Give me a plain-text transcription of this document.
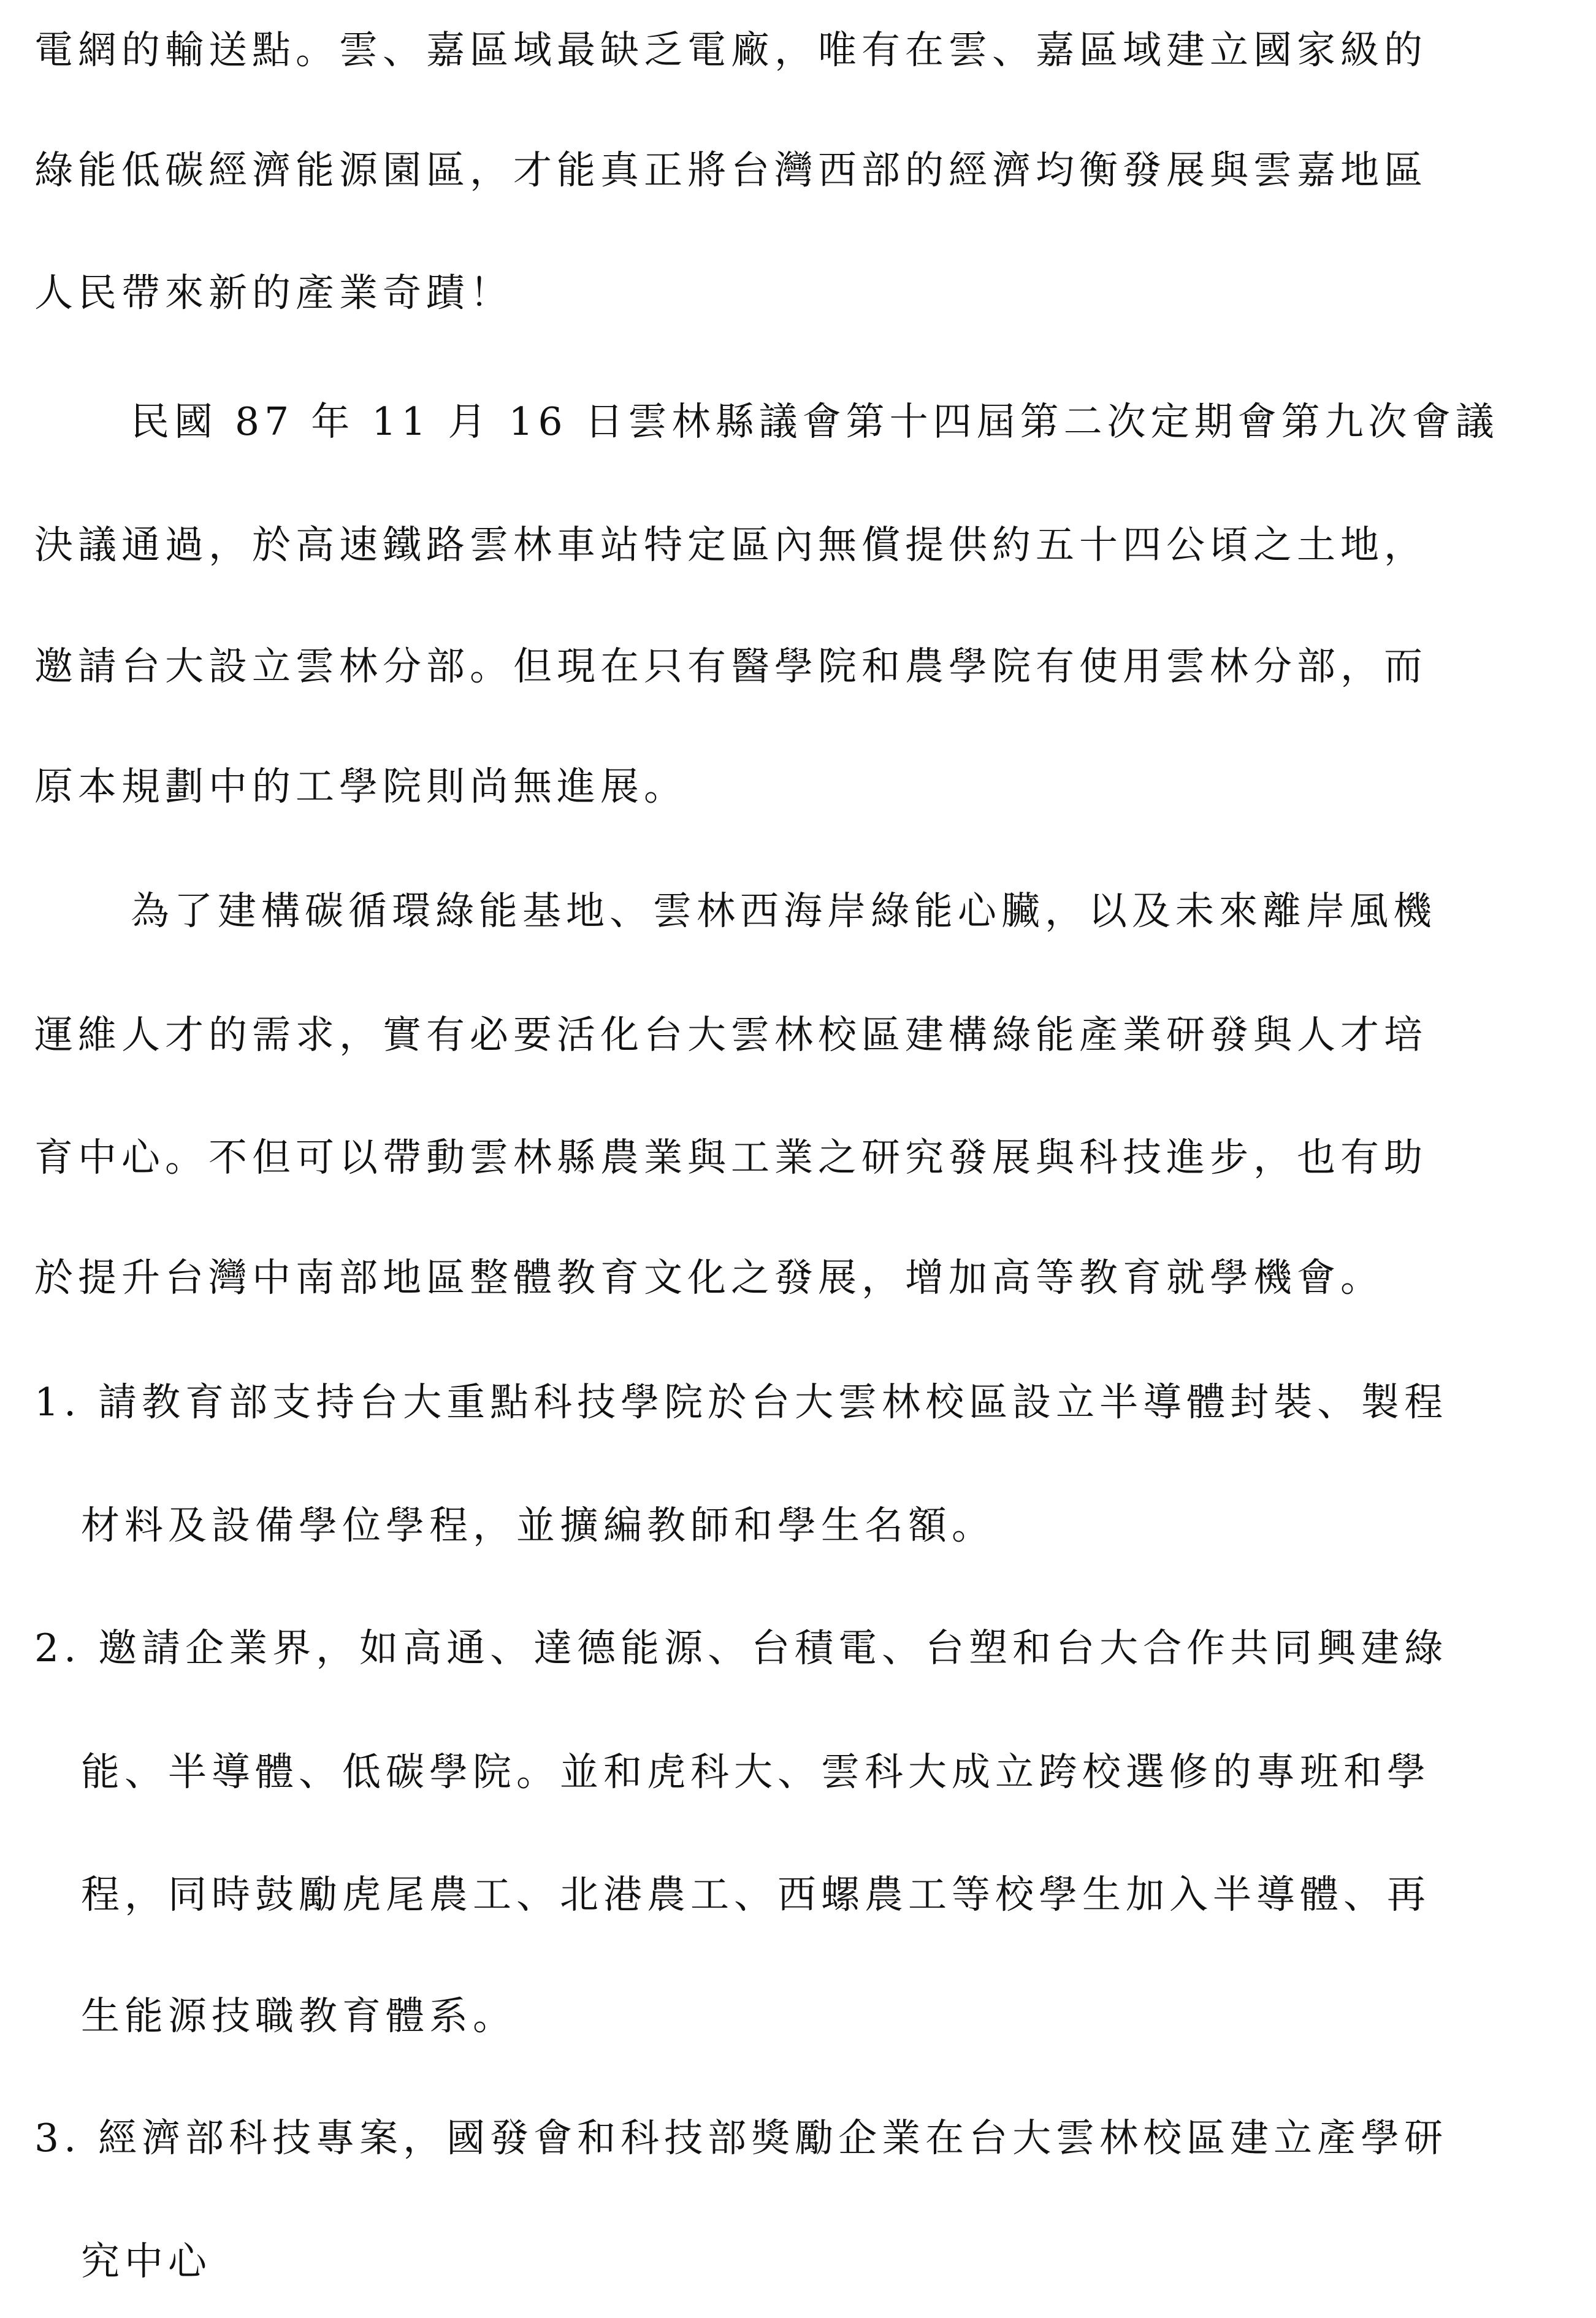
電網的輸送點。雲、嘉區域最缺乏電廠，唯有在雲、嘉區域建立國家級的
綠能低碳經濟能源園區，才能真正將台灣西部的經濟均衡發展與雲嘉地區
人民帶來新的產業奇蹟！
民國 87 年 11 月 16 日雲林縣議會第十四屆第二次定期會第九次會議
決議通過，於高速鐵路雲林車站特定區內無償提供約五十四公頃之土地，
邀請台大設立雲林分部。但現在只有醫學院和農學院有使用雲林分部，而
原本規劃中的工學院則尚無進展。
為了建構碳循環綠能基地、雲林西海岸綠能心臟，以及未來離岸風機
運維人才的需求，實有必要活化台大雲林校區建構綠能產業研發與人才培
育中心。不但可以帶動雲林縣農業與工業之研究發展與科技進步，也有助
於提升台灣中南部地區整體教育文化之發展，增加高等教育就學機會。
1. 請教育部支持台大重點科技學院於台大雲林校區設立半導體封裝、製程
材料及設備學位學程，並擴編教師和學生名額。
2. 邀請企業界，如高通、達德能源、台積電、台塑和台大合作共同興建綠
能、半導體、低碳學院。並和虎科大、雲科大成立跨校選修的專班和學
程，同時鼓勵虎尾農工、北港農工、西螺農工等校學生加入半導體、再
生能源技職教育體系。
3. 經濟部科技專案，國發會和科技部獎勵企業在台大雲林校區建立產學研
究中心
